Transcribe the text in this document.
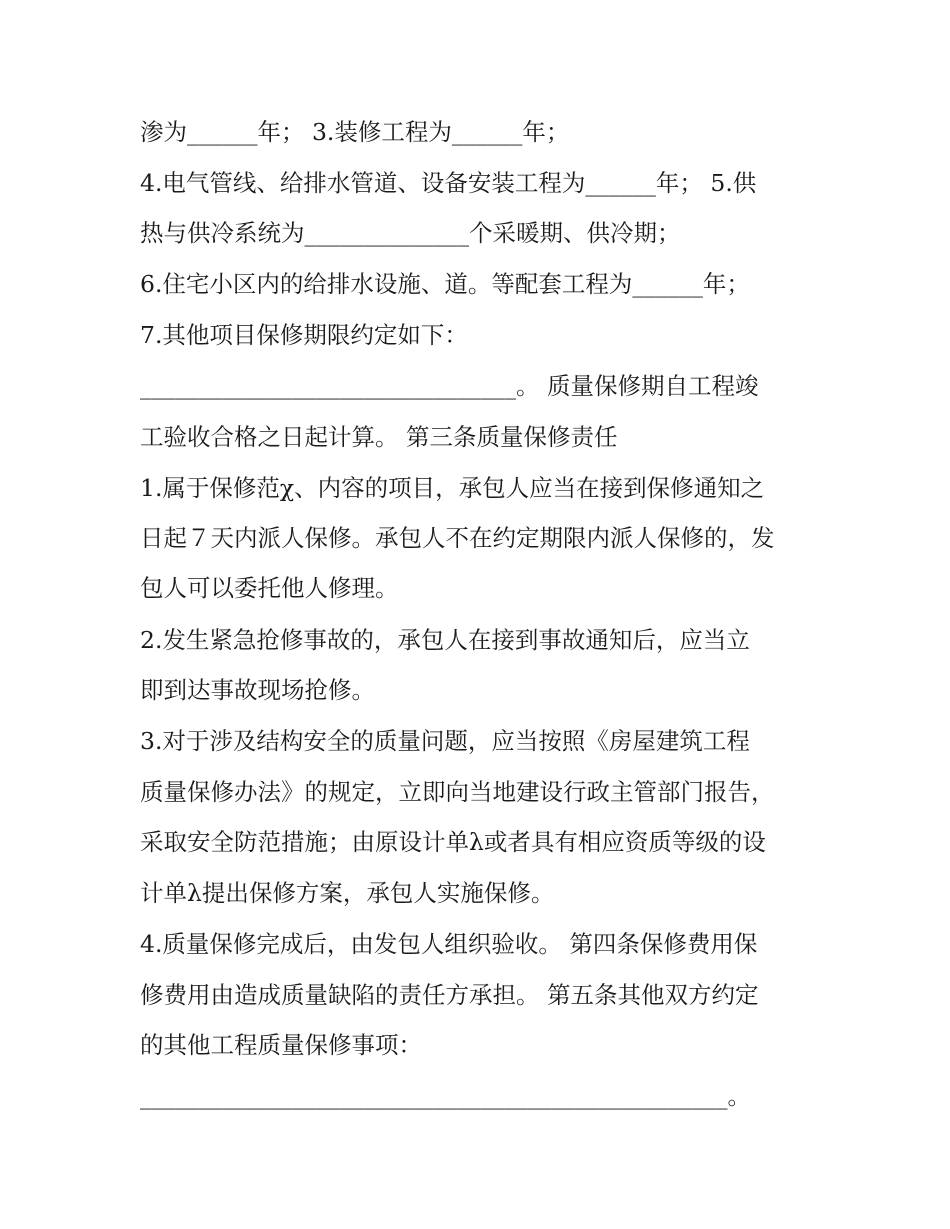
渗为______年； 3.装修工程为______年；
4.电气管线、给排水管道、设备安装工程为______年； 5.供
热与供冷系统为______________个采暖期、供冷期；
6.住宅小区内的给排水设施、道。等配套工程为______年；
7.其他项目保修期限约定如下：
________________________________。 质量保修期自工程竣
工验收合格之日起计算。 第三条质量保修责任
1.属于保修范χ、内容的项目，承包人应当在接到保修通知之
日起７天内派人保修。承包人不在约定期限内派人保修的，发
包人可以委托他人修理。
2.发生紧急抢修事故的，承包人在接到事故通知后，应当立
即到达事故现场抢修。
3.对于涉及结构安全的质量问题，应当按照《房屋建筑工程
质量保修办法》的规定，立即向当地建设行政主管部门报告，
采取安全防范措施；由原设计单λ或者具有相应资质等级的设
计单λ提出保修方案，承包人实施保修。
4.质量保修完成后，由发包人组织验收。 第四条保修费用保
修费用由造成质量缺陷的责任方承担。 第五条其他双方约定
的其他工程质量保修事项：
__________________________________________________。
